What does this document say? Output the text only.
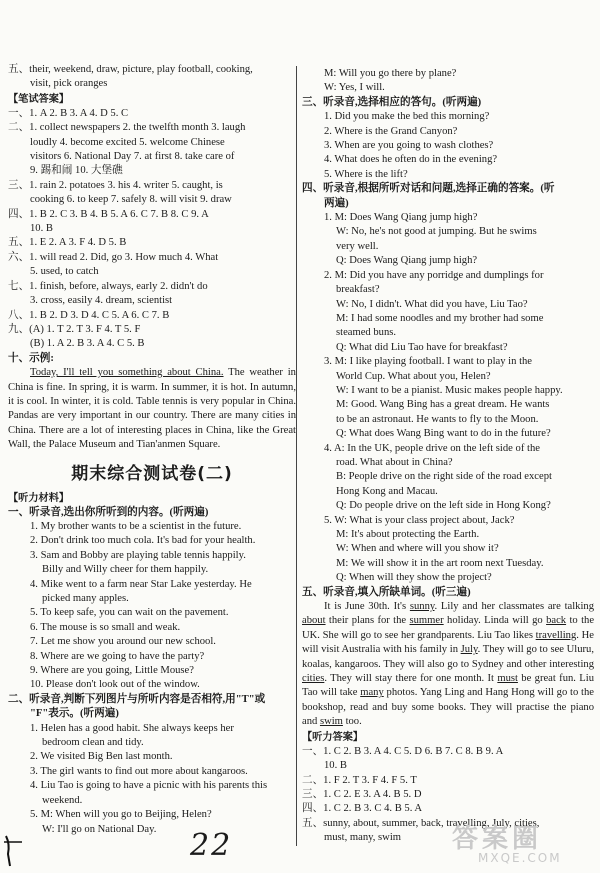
五、their, weekend, draw, picture, play football, cooking,
visit, pick oranges
【笔试答案】
一、1. A 2. B 3. A 4. D 5. C
二、1. collect newspapers 2. the twelfth month 3. laugh
loudly 4. become excited 5. welcome Chinese
visitors 6. National Day 7. at first 8. take care of
9. 踢和闹 10. 大堡礁
三、1. rain 2. potatoes 3. his 4. writer 5. caught, is
cooking 6. to keep 7. safely 8. will visit 9. draw
四、1. B 2. C 3. B 4. B 5. A 6. C 7. B 8. C 9. A
10. B
五、1. E 2. A 3. F 4. D 5. B
六、1. will read 2. Did, go 3. How much 4. What
5. used, to catch
七、1. finish, before, always, early 2. didn't do
3. cross, easily 4. dream, scientist
八、1. B 2. D 3. D 4. C 5. A 6. C 7. B
九、(A) 1. T 2. T 3. F 4. T 5. F
(B) 1. A 2. B 3. A 4. C 5. B
十、示例:
Today, I'll tell you something about China. The weather in China is fine. In spring, it is warm. In summer, it is hot. In autumn, it is cool. In winter, it is cold. Table tennis is very popular in China. Pandas are very important in our country. There are many cities in China. There are a lot of interesting places in China, like the Great Wall, the Palace Museum and Tian'anmen Square.
期末综合测试卷(二)
【听力材料】
一、听录音,选出你所听到的内容。(听两遍)
1. My brother wants to be a scientist in the future.
2. Don't drink too much cola. It's bad for your health.
3. Sam and Bobby are playing table tennis happily.
Billy and Willy cheer for them happily.
4. Mike went to a farm near Star Lake yesterday. He
picked many apples.
5. To keep safe, you can wait on the pavement.
6. The mouse is so small and weak.
7. Let me show you around our new school.
8. Where are we going to have the party?
9. Where are you going, Little Mouse?
10. Please don't look out of the window.
二、听录音,判断下列图片与所听内容是否相符,用"T"或
"F"表示。(听两遍)
1. Helen has a good habit. She always keeps her
bedroom clean and tidy.
2. We visited Big Ben last month.
3. The girl wants to find out more about kangaroos.
4. Liu Tao is going to have a picnic with his parents this
weekend.
5. M: When will you go to Beijing, Helen?
W: I'll go on National Day.
M: Will you go there by plane?
W: Yes, I will.
三、听录音,选择相应的答句。(听两遍)
1. Did you make the bed this morning?
2. Where is the Grand Canyon?
3. When are you going to wash clothes?
4. What does he often do in the evening?
5. Where is the lift?
四、听录音,根据所听对话和问题,选择正确的答案。(听
两遍)
1. M: Does Wang Qiang jump high?
W: No, he's not good at jumping. But he swims
very well.
Q: Does Wang Qiang jump high?
2. M: Did you have any porridge and dumplings for
breakfast?
W: No, I didn't. What did you have, Liu Tao?
M: I had some noodles and my brother had some
steamed buns.
Q: What did Liu Tao have for breakfast?
3. M: I like playing football. I want to play in the
World Cup. What about you, Helen?
W: I want to be a pianist. Music makes people happy.
M: Good. Wang Bing has a great dream. He wants
to be an astronaut. He wants to fly to the Moon.
Q: What does Wang Bing want to do in the future?
4. A: In the UK, people drive on the left side of the
road. What about in China?
B: People drive on the right side of the road except
Hong Kong and Macau.
Q: Do people drive on the left side in Hong Kong?
5. W: What is your class project about, Jack?
M: It's about protecting the Earth.
W: When and where will you show it?
M: We will show it in the art room next Tuesday.
Q: When will they show the project?
五、听录音,填入所缺单词。(听三遍)
It is June 30th. It's sunny. Lily and her classmates are talking about their plans for the summer holiday. Linda will go back to the UK. She will go to see her grandparents. Liu Tao likes travelling. He will visit Australia with his family in July. They will go to see Uluru, koalas, kangaroos. They will also go to Sydney and other interesting cities. They will stay there for one month. It must be great fun. Liu Tao will take many photos. Yang Ling and Hang Hong will go to the bookshop, read and buy some books. They will practise the piano and swim too.
【听力答案】
一、1. C 2. B 3. A 4. C 5. D 6. B 7. C 8. B 9. A
10. B
二、1. F 2. T 3. F 4. F 5. T
三、1. C 2. E 3. A 4. B 5. D
四、1. C 2. B 3. C 4. B 5. A
五、sunny, about, summer, back, travelling, July, cities,
must, many, swim
22	答案圈
MXQE.COM
